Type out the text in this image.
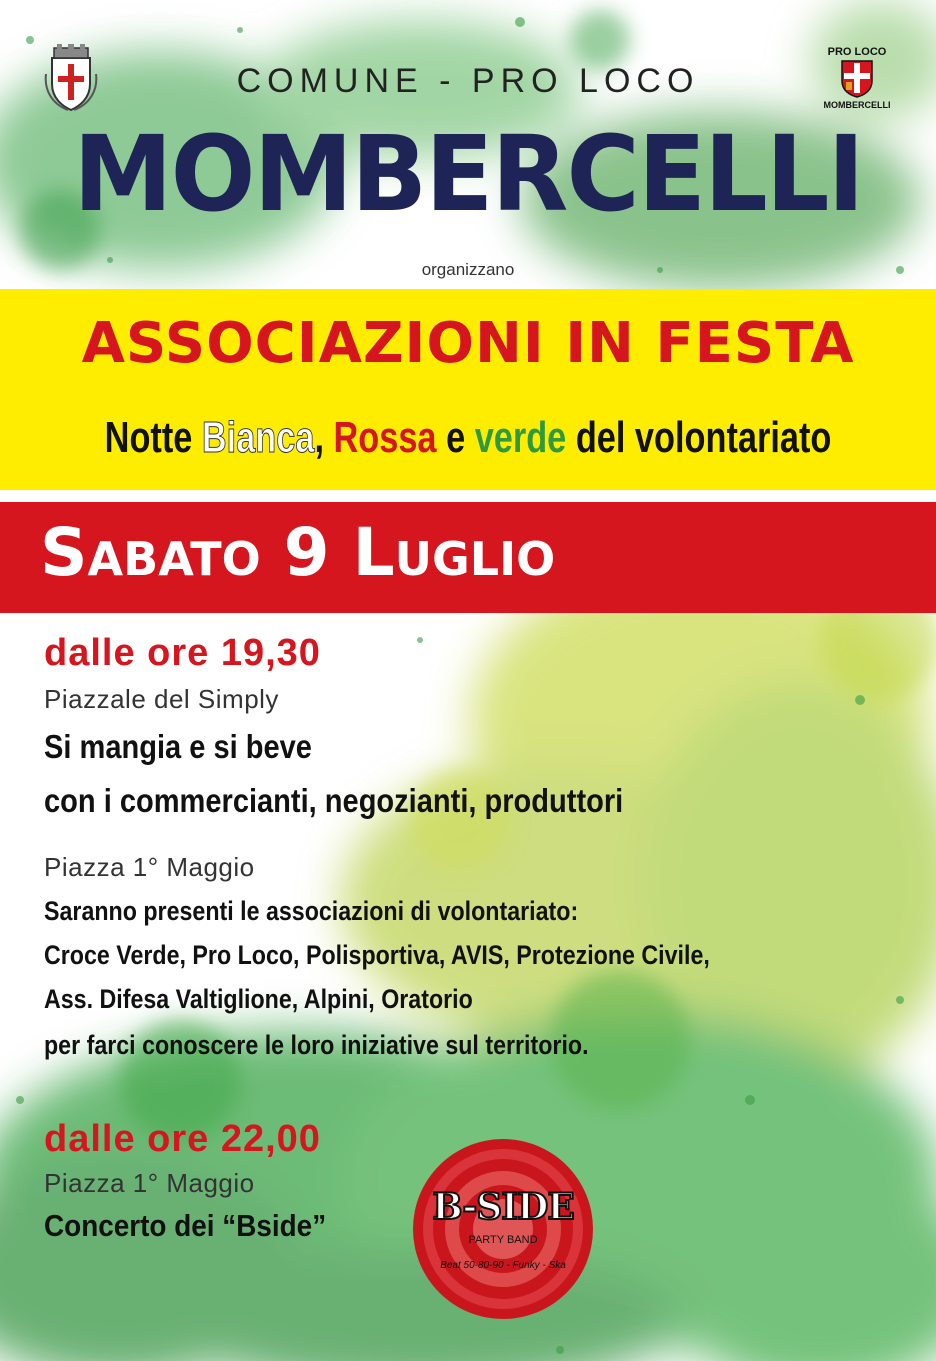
PRO LOCO
MOMBERCELLI
COMUNE - PRO LOCO
MOMBERCELLI
organizzano
ASSOCIAZIONI IN FESTA
Notte Bianca, Rossa e verde del volontariato
Sabato 9 Luglio
dalle ore 19,30
Piazzale del Simply
Si mangia e si beve
con i commercianti, negozianti, produttori
Piazza 1° Maggio
Saranno presenti le associazioni di volontariato:
Croce Verde, Pro Loco, Polisportiva, AVIS, Protezione Civile,
Ass. Difesa Valtiglione, Alpini, Oratorio
per farci conoscere le loro iniziative sul territorio.
dalle ore 22,00
Piazza 1° Maggio
Concerto dei “Bside”	B-SIDE
PARTY BAND
Beat 50-80-90 - Funky - Ska
